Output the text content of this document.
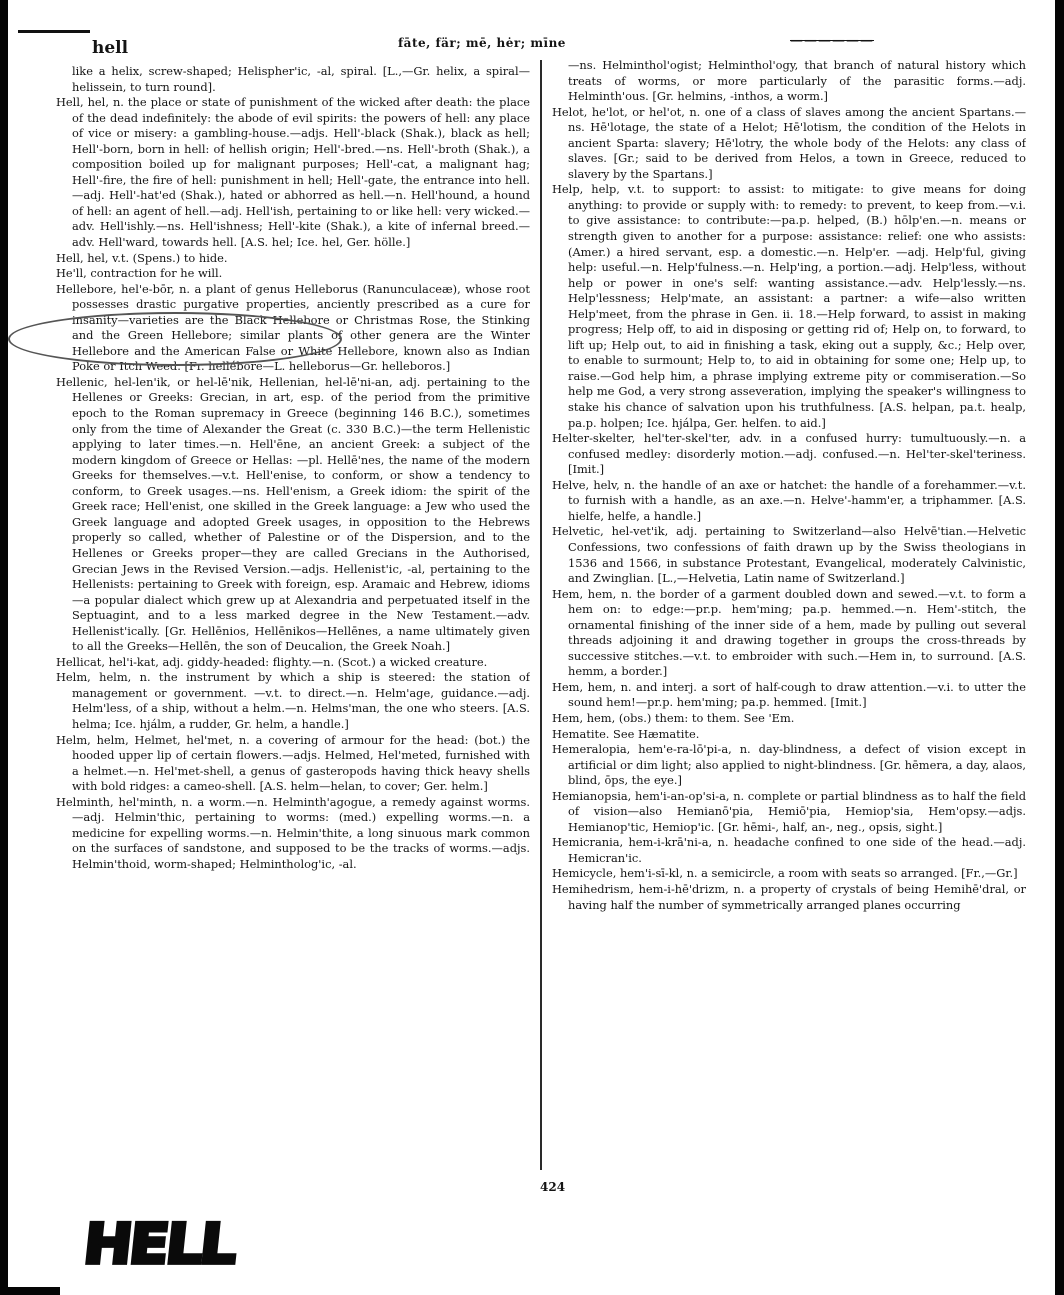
hell	fāte, fär; mē, hėr; mīne	——————

like a helix, screw-shaped; Helispher'ic, -al, spiral. [L.,—Gr. helix, a spiral—helissein, to turn round].

Hell, hel, n. the place or state of punishment of the wicked after death: the place of the dead indefinitely: the abode of evil spirits: the powers of hell: any place of vice or misery: a gambling-house.—adjs. Hell'-black (Shak.), black as hell; Hell'-born, born in hell: of hellish origin; Hell'-bred.—ns. Hell'-broth (Shak.), a composition boiled up for malignant purposes; Hell'-cat, a malignant hag; Hell'-fire, the fire of hell: punishment in hell; Hell'-gate, the entrance into hell.—adj. Hell'-hat'ed (Shak.), hated or abhorred as hell.—n. Hell'hound, a hound of hell: an agent of hell.—adj. Hell'ish, pertaining to or like hell: very wicked.—adv. Hell'ishly.—ns. Hell'ishness; Hell'-kite (Shak.), a kite of infernal breed.—adv. Hell'ward, towards hell. [A.S. hel; Ice. hel, Ger. hölle.]

Hell, hel, v.t. (Spens.) to hide.

He'll, contraction for he will.

Hellebore, hel'e-bōr, n. a plant of genus Helleborus (Ranunculaceæ), whose root possesses drastic purgative properties, anciently prescribed as a cure for insanity—varieties are the Black Hellebore or Christmas Rose, the Stinking and the Green Hellebore; similar plants of other genera are the Winter Hellebore and the American False or White Hellebore, known also as Indian Poke or Itch Weed. [Fr. hellébore—L. helleborus—Gr. helleboros.]

Hellenic, hel-len'ik, or hel-lē'nik, Hellenian, hel-lē'ni-an, adj. pertaining to the Hellenes or Greeks: Grecian, in art, esp. of the period from the primitive epoch to the Roman supremacy in Greece (beginning 146 B.C.), sometimes only from the time of Alexander the Great (c. 330 B.C.)—the term Hellenistic applying to later times.—n. Hell'ēne, an ancient Greek: a subject of the modern kingdom of Greece or Hellas: —pl. Hellē'nes, the name of the modern Greeks for themselves.—v.t. Hell'enise, to conform, or show a tendency to conform, to Greek usages.—ns. Hell'enism, a Greek idiom: the spirit of the Greek race; Hell'enist, one skilled in the Greek language: a Jew who used the Greek language and adopted Greek usages, in opposition to the Hebrews properly so called, whether of Palestine or of the Dispersion, and to the Hellenes or Greeks proper—they are called Grecians in the Authorised, Grecian Jews in the Revised Version.—adjs. Hellenist'ic, -al, pertaining to the Hellenists: pertaining to Greek with foreign, esp. Aramaic and Hebrew, idioms—a popular dialect which grew up at Alexandria and perpetuated itself in the Septuagint, and to a less marked degree in the New Testament.—adv. Hellenist'ically. [Gr. Hellēnios, Hellēnikos—Hellēnes, a name ultimately given to all the Greeks—Hellēn, the son of Deucalion, the Greek Noah.]

Hellicat, hel'i-kat, adj. giddy-headed: flighty.—n. (Scot.) a wicked creature.

Helm, helm, n. the instrument by which a ship is steered: the station of management or government. —v.t. to direct.—n. Helm'age, guidance.—adj. Helm'less, of a ship, without a helm.—n. Helms'man, the one who steers. [A.S. helma; Ice. hjálm, a rudder, Gr. helm, a handle.]

Helm, helm, Helmet, hel'met, n. a covering of armour for the head: (bot.) the hooded upper lip of certain flowers.—adjs. Helmed, Hel'meted, furnished with a helmet.—n. Hel'met-shell, a genus of gasteropods having thick heavy shells with bold ridges: a cameo-shell. [A.S. helm—helan, to cover; Ger. helm.]

Helminth, hel'minth, n. a worm.—n. Helminth'agogue, a remedy against worms.—adj. Helmin'thic, pertaining to worms: (med.) expelling worms.—n. a medicine for expelling worms.—n. Helmin'thite, a long sinuous mark common on the surfaces of sandstone, and supposed to be the tracks of worms.—adjs. Helmin'thoid, worm-shaped; Helmintholog'ic, -al.

—ns. Helminthol'ogist; Helminthol'ogy, that branch of natural history which treats of worms, or more particularly of the parasitic forms.—adj. Helminth'ous. [Gr. helmins, -inthos, a worm.]

Helot, he'lot, or hel'ot, n. one of a class of slaves among the ancient Spartans.—ns. Hē'lotage, the state of a Helot; Hē'lotism, the condition of the Helots in ancient Sparta: slavery; Hē'lotry, the whole body of the Helots: any class of slaves. [Gr.; said to be derived from Helos, a town in Greece, reduced to slavery by the Spartans.]

Help, help, v.t. to support: to assist: to mitigate: to give means for doing anything: to provide or supply with: to remedy: to prevent, to keep from.—v.i. to give assistance: to contribute:—pa.p. helped, (B.) hōlp'en.—n. means or strength given to another for a purpose: assistance: relief: one who assists: (Amer.) a hired servant, esp. a domestic.—n. Help'er. —adj. Help'ful, giving help: useful.—n. Help'fulness.—n. Help'ing, a portion.—adj. Help'less, without help or power in one's self: wanting assistance.—adv. Help'lessly.—ns. Help'lessness; Help'mate, an assistant: a partner: a wife—also written Help'meet, from the phrase in Gen. ii. 18.—Help forward, to assist in making progress; Help off, to aid in disposing or getting rid of; Help on, to forward, to lift up; Help out, to aid in finishing a task, eking out a supply, &c.; Help over, to enable to surmount; Help to, to aid in obtaining for some one; Help up, to raise.—God help him, a phrase implying extreme pity or commiseration.—So help me God, a very strong asseveration, implying the speaker's willingness to stake his chance of salvation upon his truthfulness. [A.S. helpan, pa.t. healp, pa.p. holpen; Ice. hjálpa, Ger. helfen. to aid.]

Helter-skelter, hel'ter-skel'ter, adv. in a confused hurry: tumultuously.—n. a confused medley: disorderly motion.—adj. confused.—n. Hel'ter-skel'teriness. [Imit.]

Helve, helv, n. the handle of an axe or hatchet: the handle of a forehammer.—v.t. to furnish with a handle, as an axe.—n. Helve'-hamm'er, a triphammer. [A.S. hielfe, helfe, a handle.]

Helvetic, hel-vet'ik, adj. pertaining to Switzerland—also Helvē'tian.—Helvetic Confessions, two confessions of faith drawn up by the Swiss theologians in 1536 and 1566, in substance Protestant, Evangelical, moderately Calvinistic, and Zwinglian. [L.,—Helvetia, Latin name of Switzerland.]

Hem, hem, n. the border of a garment doubled down and sewed.—v.t. to form a hem on: to edge:—pr.p. hem'ming; pa.p. hemmed.—n. Hem'-stitch, the ornamental finishing of the inner side of a hem, made by pulling out several threads adjoining it and drawing together in groups the cross-threads by successive stitches.—v.t. to embroider with such.—Hem in, to surround. [A.S. hemm, a border.]

Hem, hem, n. and interj. a sort of half-cough to draw attention.—v.i. to utter the sound hem!—pr.p. hem'ming; pa.p. hemmed. [Imit.]

Hem, hem, (obs.) them: to them. See 'Em.

Hematite. See Hæmatite.

Hemeralopia, hem'e-ra-lō'pi-a, n. day-blindness, a defect of vision except in artificial or dim light; also applied to night-blindness. [Gr. hēmera, a day, alaos, blind, ōps, the eye.]

Hemianopsia, hem'i-an-op'si-a, n. complete or partial blindness as to half the field of vision—also Hemianō'pia, Hemiō'pia, Hemiop'sia, Hem'opsy.—adjs. Hemianop'tic, Hemiop'ic. [Gr. hēmi-, half, an-, neg., opsis, sight.]

Hemicrania, hem-i-krā'ni-a, n. headache confined to one side of the head.—adj. Hemicran'ic.

Hemicycle, hem'i-sī-kl, n. a semicircle, a room with seats so arranged. [Fr.,—Gr.]

Hemihedrism, hem-i-hē'drizm, n. a property of crystals of being Hemihē'dral, or having half the number of symmetrically arranged planes occurring

424
HELL
